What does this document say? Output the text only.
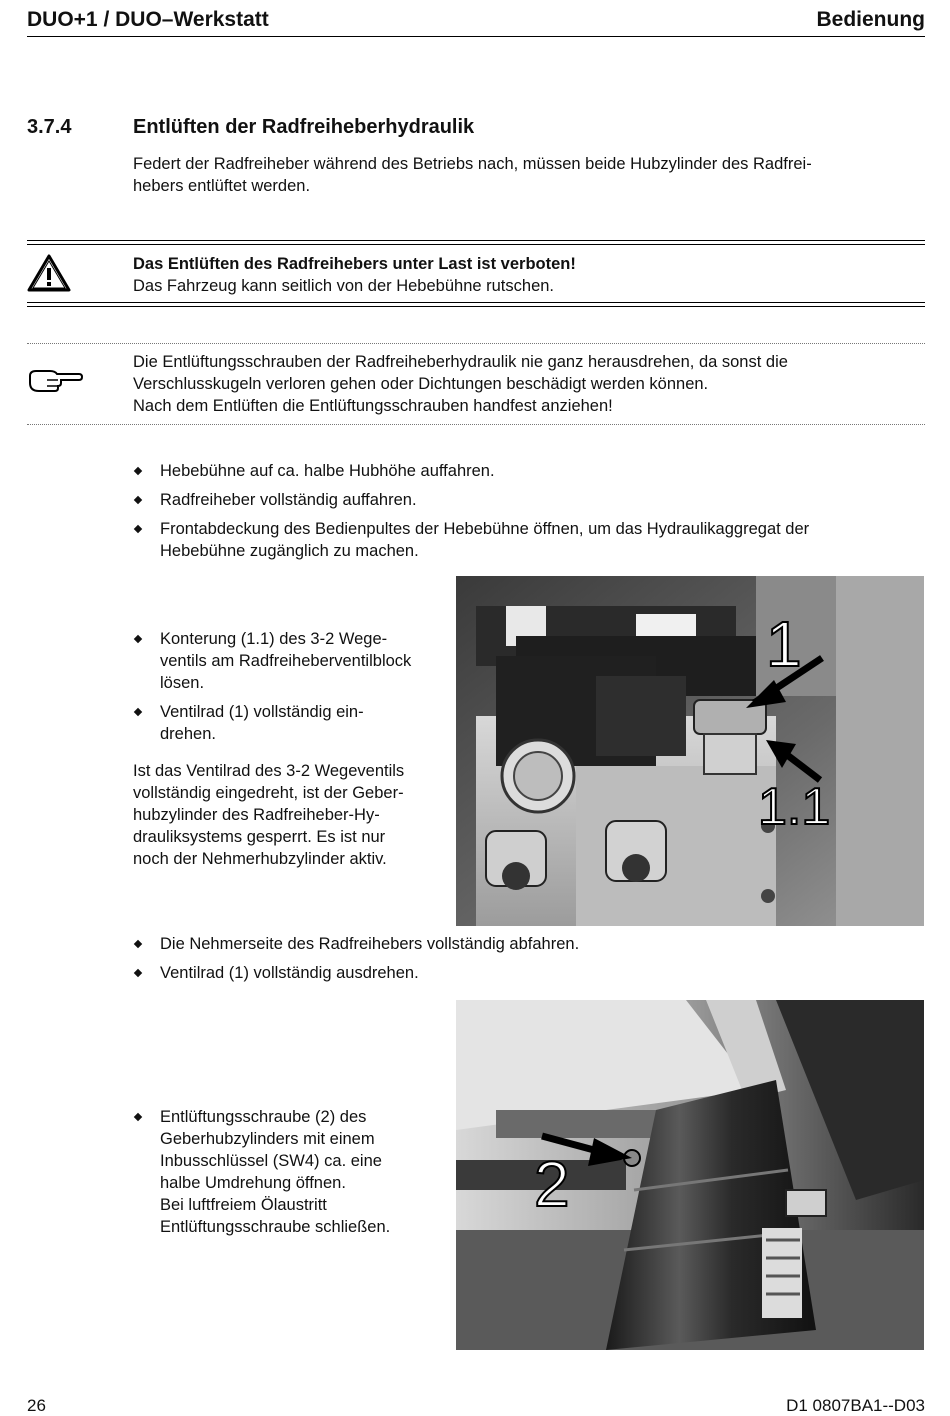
DUO+1 / DUO–Werkstatt	Bedienung
3.7.4	Entlüften der Radfreiheberhydraulik
Federt der Radfreiheber während des Betriebs nach, müssen beide Hubzylinder des Radfrei-
hebers entlüftet werden.
Das Entlüften des Radfreihebers unter Last ist verboten!
Das Fahrzeug kann seitlich von der Hebebühne rutschen.
Die Entlüftungsschrauben der Radfreiheberhydraulik nie ganz herausdrehen, da sonst die
Verschlusskugeln verloren gehen oder Dichtungen beschädigt werden können.
Nach dem Entlüften die Entlüftungsschrauben handfest anziehen!
Hebebühne auf ca. halbe Hubhöhe auffahren.
Radfreiheber vollständig auffahren.
Frontabdeckung des Bedienpultes der Hebebühne öffnen, um das Hydraulikaggregat der
Hebebühne zugänglich zu machen.
Konterung (1.1) des 3-2 Wege-
ventils am Radfreiheberventilblock
lösen.
Ventilrad (1) vollständig ein-
drehen.
Ist das Ventilrad des 3-2 Wegeventils
vollständig eingedreht, ist der Geber-
hubzylinder des Radfreiheber-Hy-
drauliksystems gesperrt. Es ist nur
noch der Nehmerhubzylinder aktiv.
1
1.1
Die Nehmerseite des Radfreihebers vollständig abfahren.
Ventilrad (1) vollständig ausdrehen.
Entlüftungsschraube (2) des
Geberhubzylinders mit einem
Inbusschlüssel (SW4) ca. eine
halbe Umdrehung öffnen.
Bei luftfreiem Ölaustritt
Entlüftungsschraube schließen.
2
26	D1 0807BA1--D03
